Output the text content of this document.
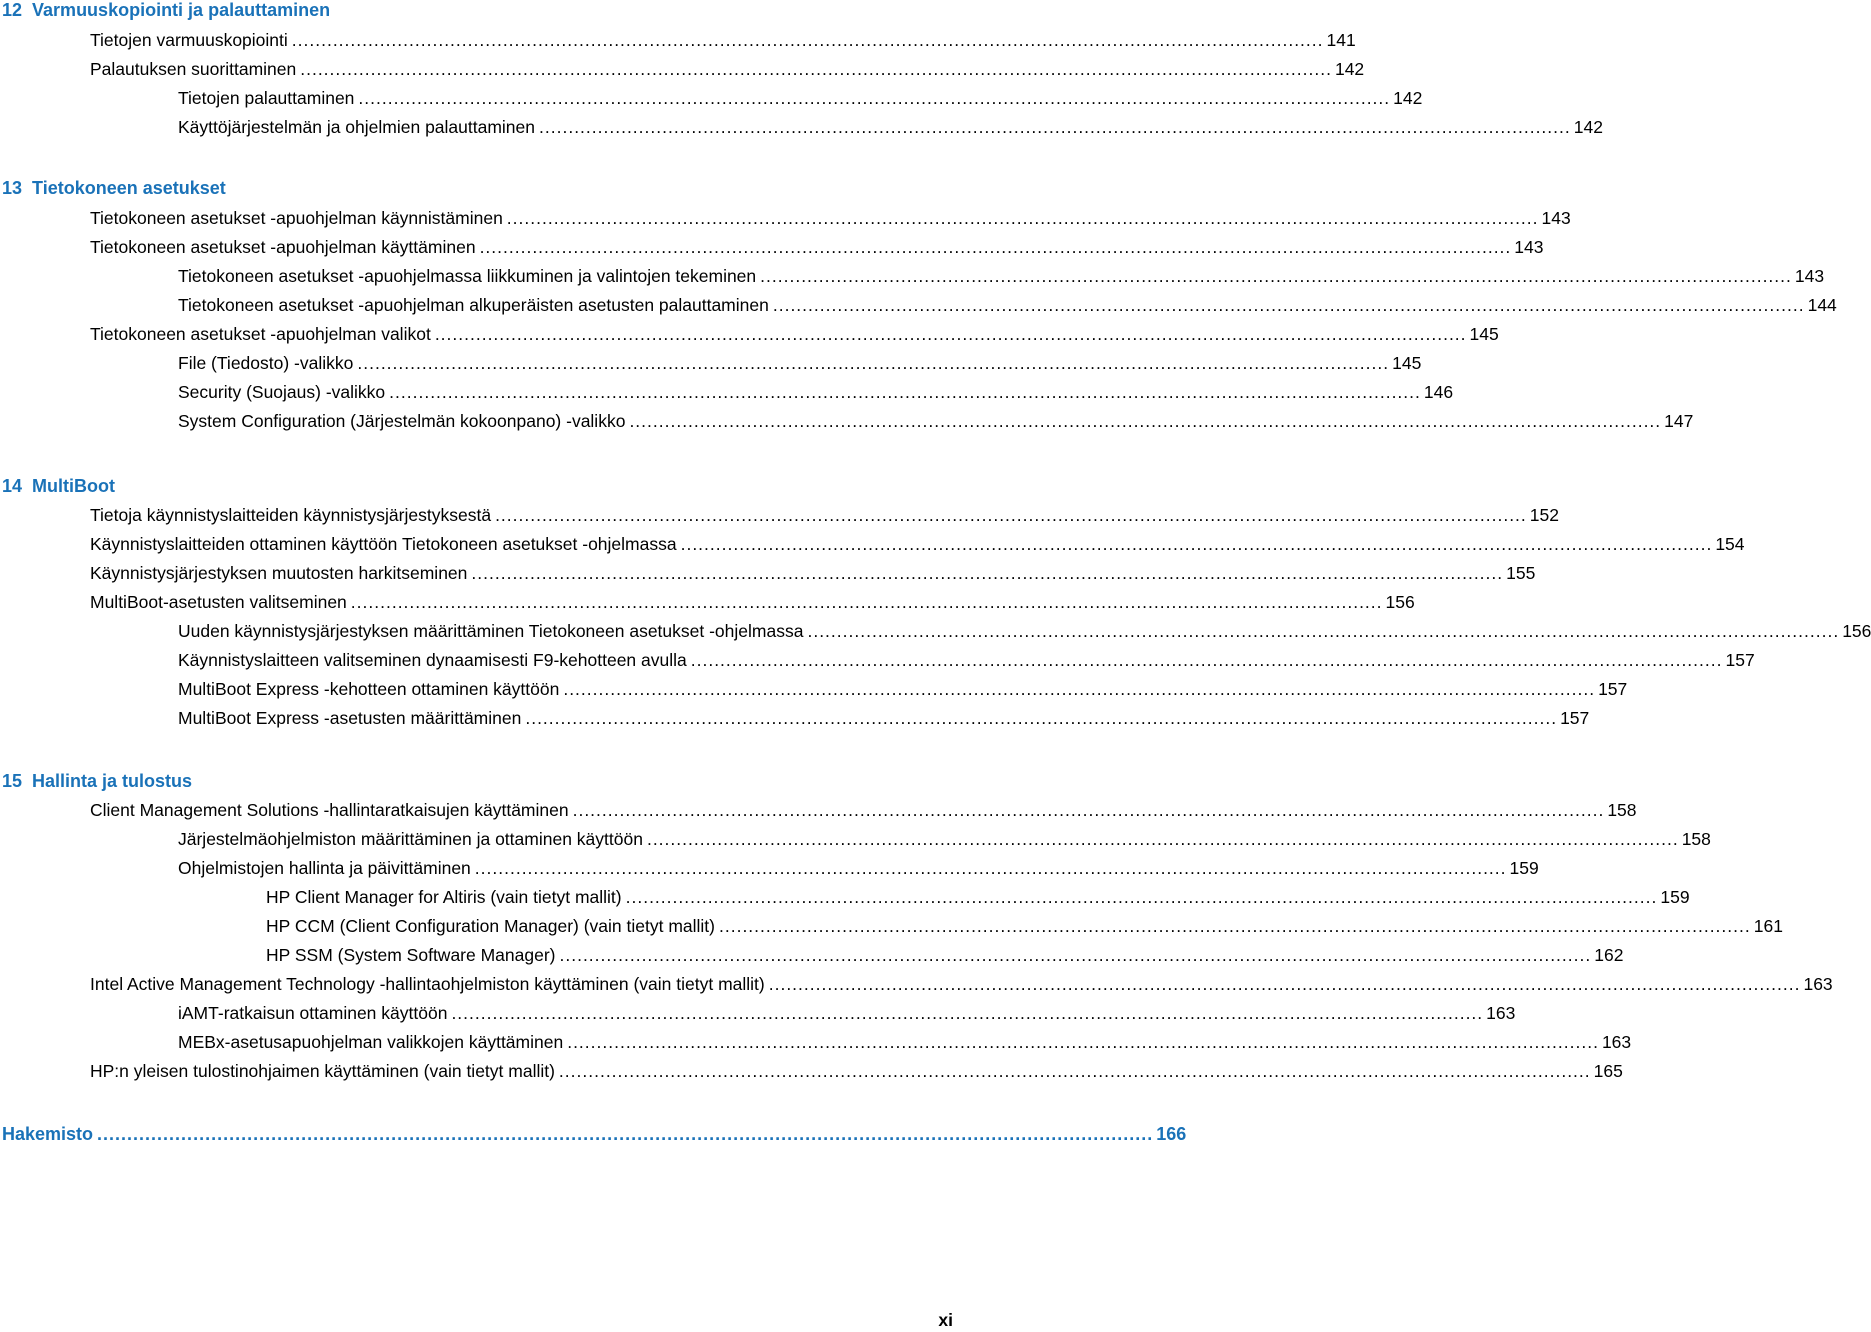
12 Varmuuskopiointi ja palauttaminen
Tietojen varmuuskopiointi ................................................................................................................................................................................ 141
Palautuksen suorittaminen ................................................................................................................................................................................ 142
Tietojen palauttaminen ................................................................................................................................................................................ 142
Käyttöjärjestelmän ja ohjelmien palauttaminen ................................................................................................................................................................................ 142
13 Tietokoneen asetukset
Tietokoneen asetukset -apuohjelman käynnistäminen ................................................................................................................................................................................ 143
Tietokoneen asetukset -apuohjelman käyttäminen ................................................................................................................................................................................ 143
Tietokoneen asetukset -apuohjelmassa liikkuminen ja valintojen tekeminen ................................................................................................................................................................................ 143
Tietokoneen asetukset -apuohjelman alkuperäisten asetusten palauttaminen ................................................................................................................................................................................ 144
Tietokoneen asetukset -apuohjelman valikot ................................................................................................................................................................................ 145
File (Tiedosto) -valikko ................................................................................................................................................................................ 145
Security (Suojaus) -valikko ................................................................................................................................................................................ 146
System Configuration (Järjestelmän kokoonpano) -valikko ................................................................................................................................................................................ 147
14 MultiBoot
Tietoja käynnistyslaitteiden käynnistysjärjestyksestä ................................................................................................................................................................................ 152
Käynnistyslaitteiden ottaminen käyttöön Tietokoneen asetukset -ohjelmassa ................................................................................................................................................................................ 154
Käynnistysjärjestyksen muutosten harkitseminen ................................................................................................................................................................................ 155
MultiBoot-asetusten valitseminen ................................................................................................................................................................................ 156
Uuden käynnistysjärjestyksen määrittäminen Tietokoneen asetukset -ohjelmassa ................................................................................................................................................................................ 156
Käynnistyslaitteen valitseminen dynaamisesti F9-kehotteen avulla ................................................................................................................................................................................ 157
MultiBoot Express -kehotteen ottaminen käyttöön ................................................................................................................................................................................ 157
MultiBoot Express -asetusten määrittäminen ................................................................................................................................................................................ 157
15 Hallinta ja tulostus
Client Management Solutions -hallintaratkaisujen käyttäminen ................................................................................................................................................................................ 158
Järjestelmäohjelmiston määrittäminen ja ottaminen käyttöön ................................................................................................................................................................................ 158
Ohjelmistojen hallinta ja päivittäminen ................................................................................................................................................................................ 159
HP Client Manager for Altiris (vain tietyt mallit) ................................................................................................................................................................................ 159
HP CCM (Client Configuration Manager) (vain tietyt mallit) ................................................................................................................................................................................ 161
HP SSM (System Software Manager) ................................................................................................................................................................................ 162
Intel Active Management Technology -hallintaohjelmiston käyttäminen (vain tietyt mallit) ................................................................................................................................................................................ 163
iAMT-ratkaisun ottaminen käyttöön ................................................................................................................................................................................ 163
MEBx-asetusapuohjelman valikkojen käyttäminen ................................................................................................................................................................................ 163
HP:n yleisen tulostinohjaimen käyttäminen (vain tietyt mallit) ................................................................................................................................................................................ 165
Hakemisto ................................................................................................................................................................................ 166
xi
